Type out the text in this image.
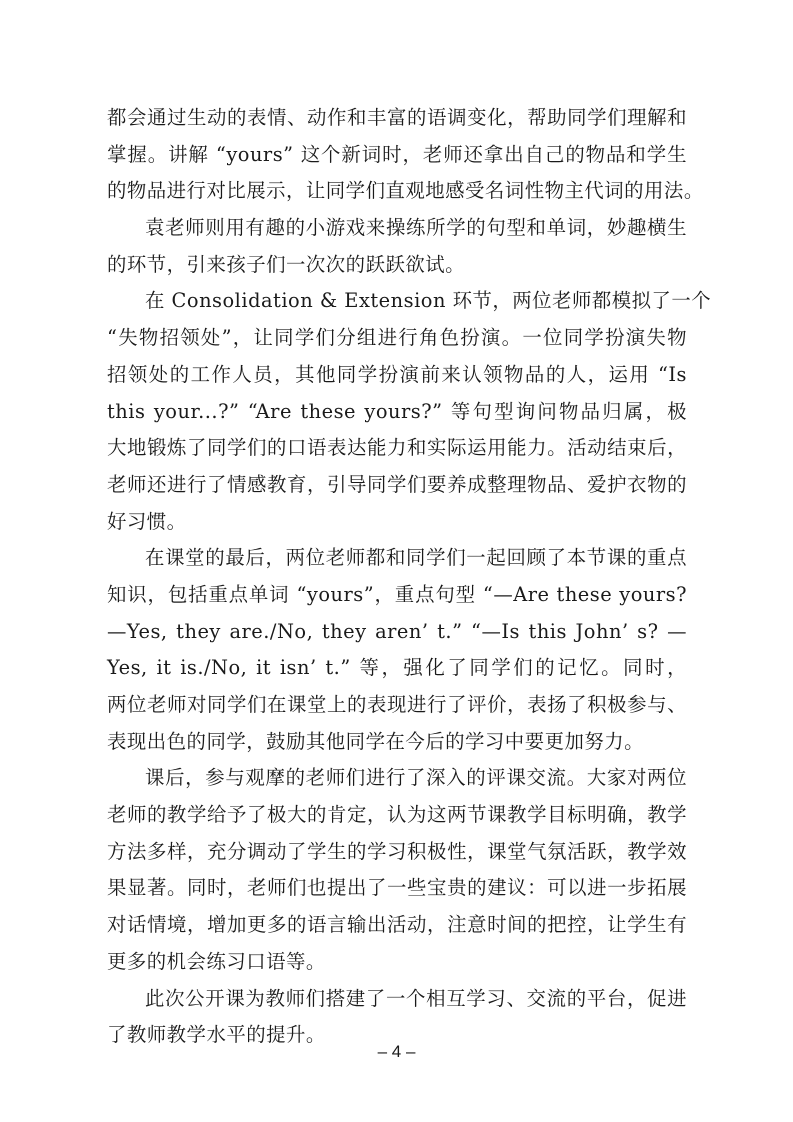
都会通过生动的表情、动作和丰富的语调变化，帮助同学们理解和
掌握。讲解 “yours” 这个新词时，老师还拿出自己的物品和学生
的物品进行对比展示，让同学们直观地感受名词性物主代词的用法。
袁老师则用有趣的小游戏来操练所学的句型和单词，妙趣横生
的环节，引来孩子们一次次的跃跃欲试。
在 Consolidation & Extension 环节，两位老师都模拟了一个
“失物招领处”，让同学们分组进行角色扮演。一位同学扮演失物
招领处的工作人员，其他同学扮演前来认领物品的人，运用 “Is
this your...?” “Are these yours?” 等句型询问物品归属，极
大地锻炼了同学们的口语表达能力和实际运用能力。活动结束后，
老师还进行了情感教育，引导同学们要养成整理物品、爱护衣物的
好习惯。
在课堂的最后，两位老师都和同学们一起回顾了本节课的重点
知识，包括重点单词 “yours”，重点句型 “—Are these yours?
—Yes, they are./No, they aren’ t.” “—Is this John’ s? —
Yes, it is./No, it isn’ t.” 等，强化了同学们的记忆。同时，
两位老师对同学们在课堂上的表现进行了评价，表扬了积极参与、
表现出色的同学，鼓励其他同学在今后的学习中要更加努力。
课后，参与观摩的老师们进行了深入的评课交流。大家对两位
老师的教学给予了极大的肯定，认为这两节课教学目标明确，教学
方法多样，充分调动了学生的学习积极性，课堂气氛活跃，教学效
果显著。同时，老师们也提出了一些宝贵的建议：可以进一步拓展
对话情境，增加更多的语言输出活动，注意时间的把控，让学生有
更多的机会练习口语等。
此次公开课为教师们搭建了一个相互学习、交流的平台，促进
了教师教学水平的提升。
– 4 –
